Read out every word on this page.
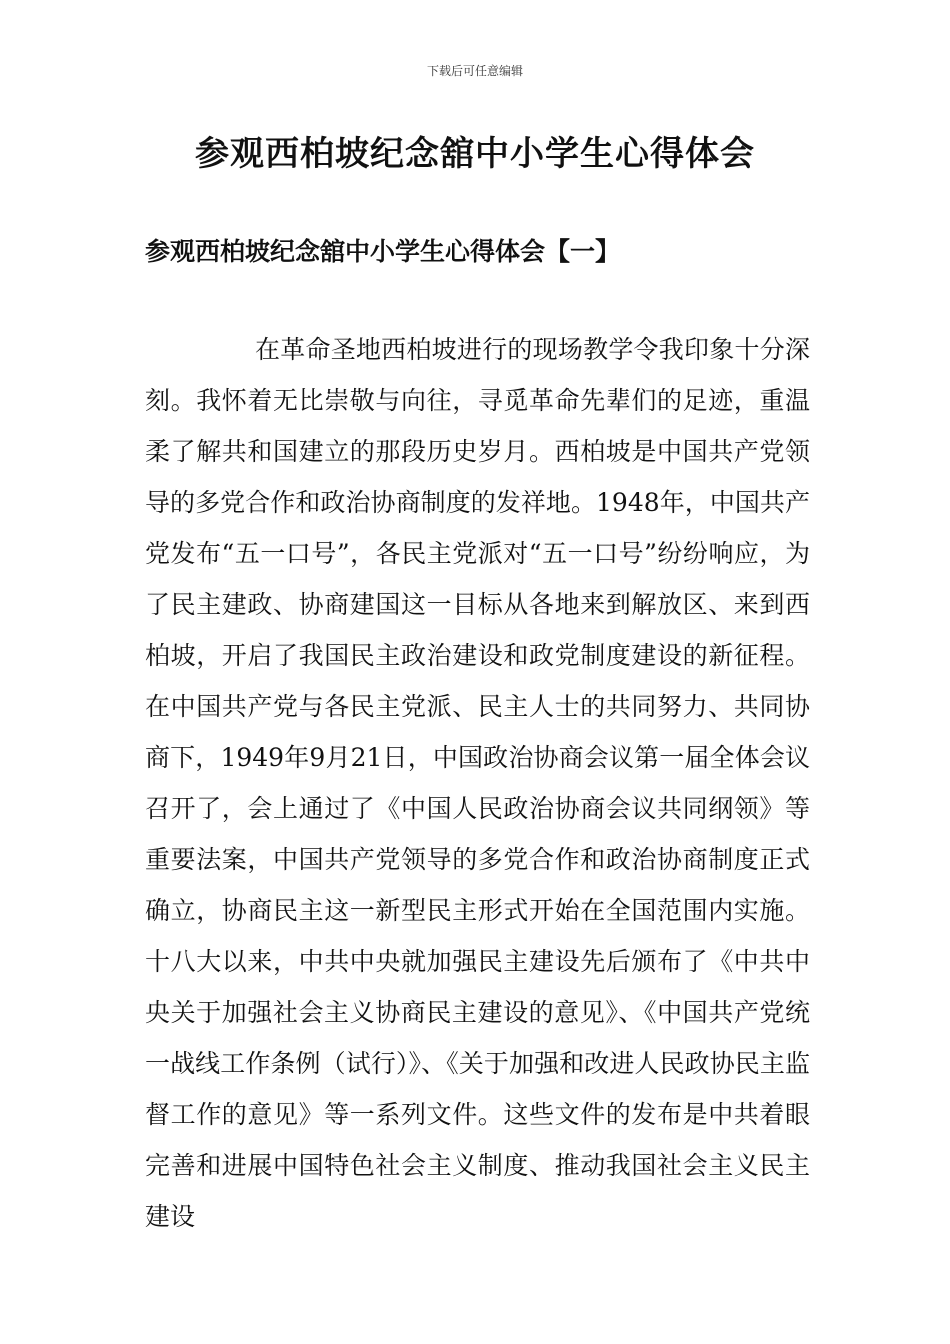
下载后可任意编辑
参观西柏坡纪念舘中小学生心得体会
参观西柏坡纪念舘中小学生心得体会【一】

在革命圣地西柏坡进行的现场教学令我印象十分深刻。我怀着无比崇敬与向往，寻觅革命先辈们的足迹，重温柔了解共和国建立的那段历史岁月。西柏坡是中国共产党领导的多党合作和政治协商制度的发祥地。1948年，中国共产党发布“五一口号”，各民主党派对“五一口号”纷纷响应，为了民主建政、协商建国这一目标从各地来到解放区、来到西柏坡，开启了我国民主政治建设和政党制度建设的新征程。在中国共产党与各民主党派、民主人士的共同努力、共同协商下，1949年9月21日，中国政治协商会议第一届全体会议召开了，会上通过了《中国人民政治协商会议共同纲领》等重要法案，中国共产党领导的多党合作和政治协商制度正式确立，协商民主这一新型民主形式开始在全国范围内实施。十八大以来，中共中央就加强民主建设先后颁布了《中共中央关于加强社会主义协商民主建设的意见》、《中国共产党统一战线工作条例（试行）》、《关于加强和改进人民政协民主监督工作的意见》等一系列文件。这些文件的发布是中共着眼完善和进展中国特色社会主义制度、推动我国社会主义民主建设
